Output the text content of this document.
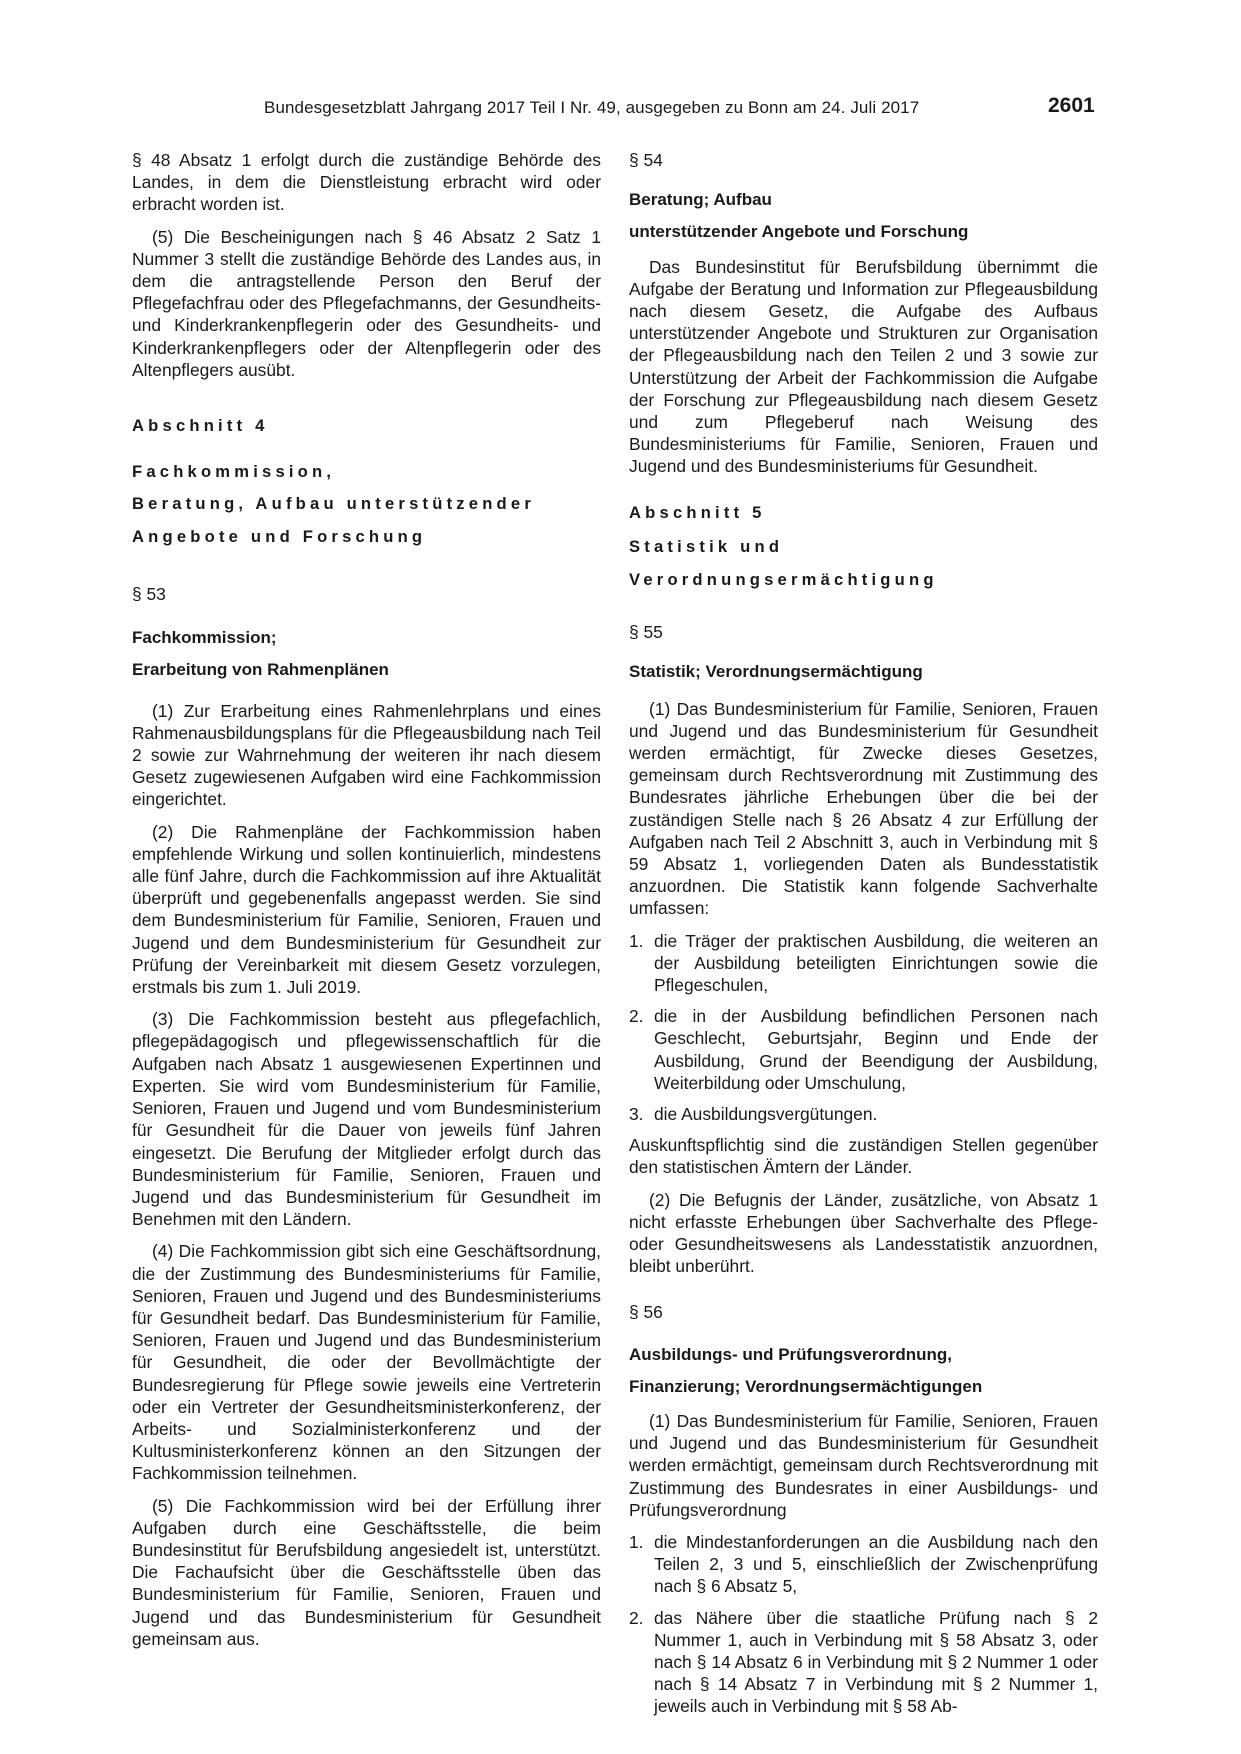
Bundesgesetzblatt Jahrgang 2017 Teil I Nr. 49, ausgegeben zu Bonn am 24. Juli 2017	2601

§ 48 Absatz 1 erfolgt durch die zuständige Behörde des Landes, in dem die Dienstleistung erbracht wird oder erbracht worden ist.

(5) Die Bescheinigungen nach § 46 Absatz 2 Satz 1 Nummer 3 stellt die zuständige Behörde des Landes aus, in dem die antragstellende Person den Beruf der Pflegefachfrau oder des Pflegefachmanns, der Gesundheits- und Kinderkrankenpflegerin oder des Gesundheits- und Kinderkrankenpflegers oder der Altenpflegerin oder des Altenpflegers ausübt.

Abschnitt 4

Fachkommission,

Beratung, Aufbau unterstützender

Angebote und Forschung

§ 53

Fachkommission;

Erarbeitung von Rahmenplänen

(1) Zur Erarbeitung eines Rahmenlehrplans und eines Rahmenausbildungsplans für die Pflegeausbildung nach Teil 2 sowie zur Wahrnehmung der weiteren ihr nach diesem Gesetz zugewiesenen Aufgaben wird eine Fachkommission eingerichtet.

(2) Die Rahmenpläne der Fachkommission haben empfehlende Wirkung und sollen kontinuierlich, mindestens alle fünf Jahre, durch die Fachkommission auf ihre Aktualität überprüft und gegebenenfalls angepasst werden. Sie sind dem Bundesministerium für Familie, Senioren, Frauen und Jugend und dem Bundesministerium für Gesundheit zur Prüfung der Vereinbarkeit mit diesem Gesetz vorzulegen, erstmals bis zum 1. Juli 2019.

(3) Die Fachkommission besteht aus pflegefachlich, pflegepädagogisch und pflegewissenschaftlich für die Aufgaben nach Absatz 1 ausgewiesenen Expertinnen und Experten. Sie wird vom Bundesministerium für Familie, Senioren, Frauen und Jugend und vom Bundesministerium für Gesundheit für die Dauer von jeweils fünf Jahren eingesetzt. Die Berufung der Mitglieder erfolgt durch das Bundesministerium für Familie, Senioren, Frauen und Jugend und das Bundesministerium für Gesundheit im Benehmen mit den Ländern.

(4) Die Fachkommission gibt sich eine Geschäftsordnung, die der Zustimmung des Bundesministeriums für Familie, Senioren, Frauen und Jugend und des Bundesministeriums für Gesundheit bedarf. Das Bundesministerium für Familie, Senioren, Frauen und Jugend und das Bundesministerium für Gesundheit, die oder der Bevollmächtigte der Bundesregierung für Pflege sowie jeweils eine Vertreterin oder ein Vertreter der Gesundheitsministerkonferenz, der Arbeits- und Sozialministerkonferenz und der Kultusministerkonferenz können an den Sitzungen der Fachkommission teilnehmen.

(5) Die Fachkommission wird bei der Erfüllung ihrer Aufgaben durch eine Geschäftsstelle, die beim Bundesinstitut für Berufsbildung angesiedelt ist, unterstützt. Die Fachaufsicht über die Geschäftsstelle üben das Bundesministerium für Familie, Senioren, Frauen und Jugend und das Bundesministerium für Gesundheit gemeinsam aus.

§ 54

Beratung; Aufbau

unterstützender Angebote und Forschung

Das Bundesinstitut für Berufsbildung übernimmt die Aufgabe der Beratung und Information zur Pflegeausbildung nach diesem Gesetz, die Aufgabe des Aufbaus unterstützender Angebote und Strukturen zur Organisation der Pflegeausbildung nach den Teilen 2 und 3 sowie zur Unterstützung der Arbeit der Fachkommission die Aufgabe der Forschung zur Pflegeausbildung nach diesem Gesetz und zum Pflegeberuf nach Weisung des Bundesministeriums für Familie, Senioren, Frauen und Jugend und des Bundesministeriums für Gesundheit.

Abschnitt 5

Statistik und

Verordnungsermächtigung

§ 55

Statistik; Verordnungsermächtigung

(1) Das Bundesministerium für Familie, Senioren, Frauen und Jugend und das Bundesministerium für Gesundheit werden ermächtigt, für Zwecke dieses Gesetzes, gemeinsam durch Rechtsverordnung mit Zustimmung des Bundesrates jährliche Erhebungen über die bei der zuständigen Stelle nach § 26 Absatz 4 zur Erfüllung der Aufgaben nach Teil 2 Abschnitt 3, auch in Verbindung mit § 59 Absatz 1, vorliegenden Daten als Bundesstatistik anzuordnen. Die Statistik kann folgende Sachverhalte umfassen:

1. die Träger der praktischen Ausbildung, die weiteren an der Ausbildung beteiligten Einrichtungen sowie die Pflegeschulen,
2. die in der Ausbildung befindlichen Personen nach Geschlecht, Geburtsjahr, Beginn und Ende der Ausbildung, Grund der Beendigung der Ausbildung, Weiterbildung oder Umschulung,
3. die Ausbildungsvergütungen.

Auskunftspflichtig sind die zuständigen Stellen gegenüber den statistischen Ämtern der Länder.

(2) Die Befugnis der Länder, zusätzliche, von Absatz 1 nicht erfasste Erhebungen über Sachverhalte des Pflege- oder Gesundheitswesens als Landesstatistik anzuordnen, bleibt unberührt.

§ 56

Ausbildungs- und Prüfungsverordnung,

Finanzierung; Verordnungsermächtigungen

(1) Das Bundesministerium für Familie, Senioren, Frauen und Jugend und das Bundesministerium für Gesundheit werden ermächtigt, gemeinsam durch Rechtsverordnung mit Zustimmung des Bundesrates in einer Ausbildungs- und Prüfungsverordnung

1. die Mindestanforderungen an die Ausbildung nach den Teilen 2, 3 und 5, einschließlich der Zwischenprüfung nach § 6 Absatz 5,
2. das Nähere über die staatliche Prüfung nach § 2 Nummer 1, auch in Verbindung mit § 58 Absatz 3, oder nach § 14 Absatz 6 in Verbindung mit § 2 Nummer 1 oder nach § 14 Absatz 7 in Verbindung mit § 2 Nummer 1, jeweils auch in Verbindung mit § 58 Ab-
